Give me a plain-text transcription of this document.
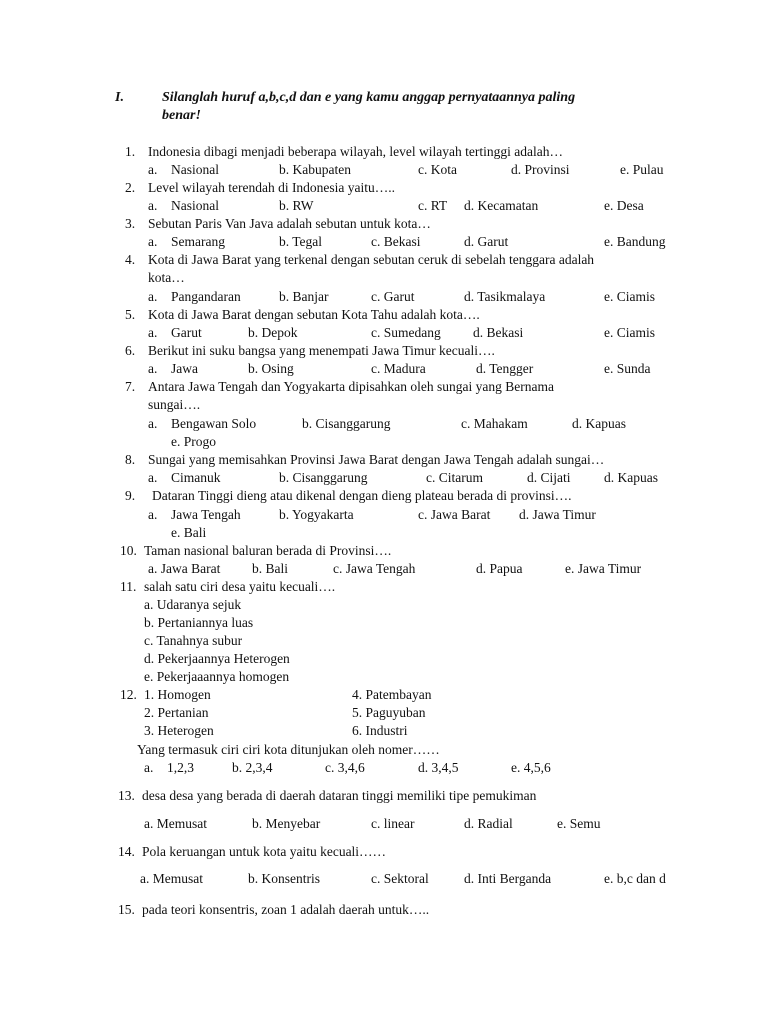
I.	Silanglah huruf a,b,c,d dan e yang kamu anggap pernyataannya paling
benar!
1. Indonesia dibagi menjadi beberapa wilayah, level wilayah tertinggi adalah…
a. Nasional	b. Kabupaten	c. Kota	d. Provinsi	e. Pulau
2. Level wilayah terendah di Indonesia yaitu…..
a. Nasional	b. RW	c. RT d. Kecamatan	e. Desa
3. Sebutan Paris Van Java adalah sebutan untuk kota…
a. Semarang	b. Tegal	c. Bekasi	d. Garut	e. Bandung
4. Kota di Jawa Barat yang terkenal dengan sebutan ceruk di sebelah tenggara adalah
kota…
a. Pangandaran	b. Banjar	c. Garut	d. Tasikmalaya	e. Ciamis
5. Kota di Jawa Barat dengan sebutan Kota Tahu adalah kota….
a. Garut	b. Depok	c. Sumedang d. Bekasi	e. Ciamis
6. Berikut ini suku bangsa yang menempati Jawa Timur kecuali….
a. Jawa	b. Osing	c. Madura	d. Tengger	e. Sunda
7. Antara Jawa Tengah dan Yogyakarta dipisahkan oleh sungai yang Bernama
sungai….
a. Bengawan Solo	b. Cisanggarung	c. Mahakam	d. Kapuas
e. Progo
8. Sungai yang memisahkan Provinsi Jawa Barat dengan Jawa Tengah adalah sungai…
a. Cimanuk	b. Cisanggarung	c. Citarum	d. Cijati d. Kapuas
9. Dataran Tinggi dieng atau dikenal dengan dieng plateau berada di provinsi….
a. Jawa Tengah	b. Yogyakarta	c. Jawa Barat d. Jawa Timur
e. Bali
10. Taman nasional baluran berada di Provinsi….
a. Jawa Barat b. Bali	c. Jawa Tengah	d. Papua	e. Jawa Timur
11. salah satu ciri desa yaitu kecuali….
a. Udaranya sejuk
b. Pertaniannya luas
c. Tanahnya subur
d. Pekerjaannya Heterogen
e. Pekerjaaannya homogen
12. 1. Homogen	4. Patembayan
2. Pertanian	5. Paguyuban
3. Heterogen	6. Industri
Yang termasuk ciri ciri kota ditunjukan oleh nomer……
a. 1,2,3	b. 2,3,4	c. 3,4,6	d. 3,4,5	e. 4,5,6
13. desa desa yang berada di daerah dataran tinggi memiliki tipe pemukiman
a. Memusat	b. Menyebar	c. linear	d. Radial	e. Semu
14. Pola keruangan untuk kota yaitu kecuali……
a. Memusat	b. Konsentris	c. Sektoral	d. Inti Berganda	e. b,c dan d
15. pada teori konsentris, zoan 1 adalah daerah untuk…..
